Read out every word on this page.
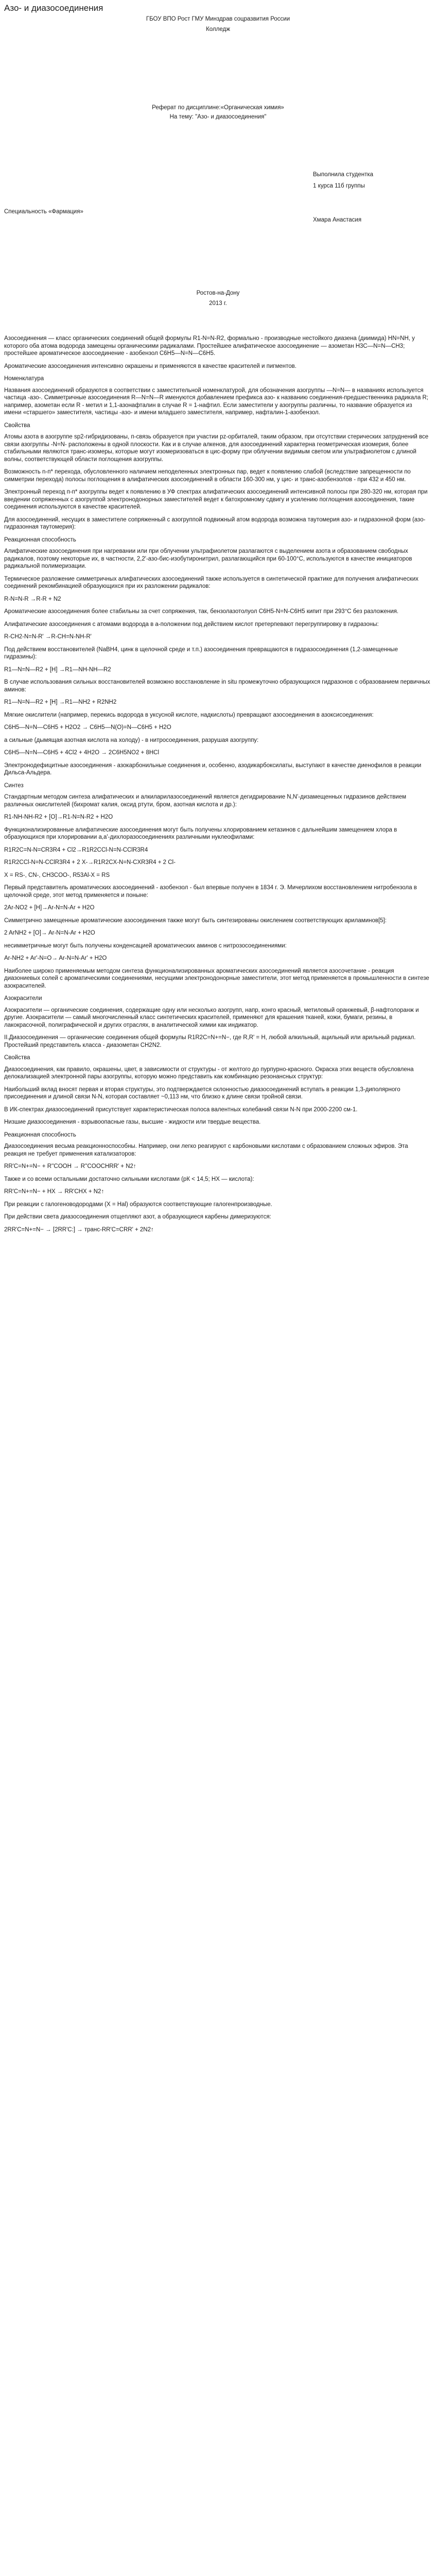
Азо- и диазосоединения
ГБОУ ВПО Рост ГМУ Минздрав соцразвития России
Колледж
Реферат по дисциплине:«Органическая химия»
На тему: "Азо- и диазосоединения"
Выполнила студентка
1 курса 11б группы
Специальность «Фармация»
Хмара Анастасия
Ростов-на-Дону
2013 г.

Азосоединения — класс органических соединений общей формулы R1-N=N-R2, формально - производные нестойкого диазена (диимида) HN=NH, у которого оба атома водорода замещены органическими радикалами. Простейшее алифатическое азосоединение — азометан H3C—N=N—CH3; простейшее ароматическое азосоединение - азобензол C6H5—N=N—C6H5.

Ароматические азосоединения интенсивно окрашены и применяются в качестве красителей и пигментов.

Номенклатура

Названия азосоединений образуются в соответствии с заместительной номенклатурой, для обозначения азогруппы —N=N— в названиях используется частица -азо-. Симметричные азосоединения R—N=N—R именуются добавлением префикса азо- к названию соединения-предшественника радикала R; например, азометан если R - метил и 1,1-азонафталин в случае R = 1-нафтил. Если заместители у азогруппы различны, то название образуется из имени «старшего» заместителя, частицы -азо- и имени младшего заместителя, например, нафталин-1-азобензол.

Свойства

Атомы азота в азогруппе sp2-гибридизованы, п-связь образуется при участии pz-орбиталей, таким образом, при отсутствии стерических затруднений все связи азогруппы -N=N- расположены в одной плоскости. Как и в случае алкенов, для азосоединений характерна геометрическая изомерия, более стабильными являются транс-изомеры, которые могут изомеризоваться в цис-форму при облучении видимым светом или ультрафиолетом с длиной волны, соответствующей области поглощения азогруппы.

Возможность n-п* перехода, обусловленного наличием неподеленных электронных пар, ведет к появлению слабой (вследствие запрещенности по симметрии перехода) полосы поглощения в алифатических азосоединений в области 160-300 нм, у цис- и транс-азобензолов - при 432 и 450 нм.

Электронный переход п-п* азогруппы ведет к появлению в УФ спектрах алифатических азосоединений интенсивной полосы при 280-320 нм, которая при введении сопряженных с азогруппой электронодонорных заместителей ведет к батохромному сдвигу и усилению поглощения азосоединения, такие соединения используются в качестве красителей.

Для азосоединений, несущих в заместителе сопряженный с азогруппой подвижный атом водорода возможна таутомерия азо- и гидразонной форм (азо-гидразонная таутомерия):

Реакционная способность

Алифатические азосоединения при нагревании или при облучении ультрафиолетом разлагаются с выделением азота и образованием свободных радикалов, поэтому некоторые их, в частности, 2,2'-азо-бис-изобутиронитрил, разлагающийся при 60-100°C, используются в качестве инициаторов радикальной полимеризации.

Термическое разложение симметричных алифатических азосоединений также используется в синтетической практике для получения алифатических соединений рекомбинацией образующихся при их разложении радикалов:

R-N=N-R →R-R + N2

Ароматические азосоединения более стабильны за счет сопряжения, так, бензолазотолуол C6H5-N=N-C6H5 кипит при 293°C без разложения.

Алифатические азосоединения с атомами водорода в а-положении под действием кислот претерпевают перегруппировку в гидразоны:

R-CH2-N=N-R' →R-CH=N-NH-R'

Под действием восстановителей (NaBH4, цинк в щелочной среде и т.п.) азосоединения превращаются в гидразосоединения (1,2-замещенные гидразины):

R1—N=N—R2 + [H] →R1—NH-NH—R2

В случае использования сильных восстановителей возможно восстановление in situ промежуточно образующихся гидразонов с образованием первичных аминов:

R1—N=N—R2 + [H] →R1—NH2 + R2NH2

Мягкие окислители (например, перекись водорода в уксусной кислоте, надкислоты) превращают азосоединения в азоксисоединения:

C6H5—N=N—C6H5 + H2O2 → C6H5—N(O)=N—C6H5 + H2O

а сильные (дымящая азотная кислота на холоду) - в нитросоединения, разрушая азогруппу:

C6H5—N=N—C6H5 + 4Cl2 + 4H2O → 2C6H5NO2 + 8HCl

Электронодефицитные азосоединения - азокарбонильные соединения и, особенно, азодикарбоксилаты, выступают в качестве диенофилов в реакции Дильса-Альдера.

Синтез

Стандартным методом синтеза алифатических и алкиларилазосоединений является дегидрирование N,N'-дизамещенных гидразинов действием различных окислителей (бихромат калия, оксид ртути, бром, азотная кислота и др.):

R1-NH-NH-R2 + [O]→R1-N=N-R2 + H2O

Функционализированные алифатические азосоединения могут быть получены хлорированием кетазинов с дальнейшим замещением хлора в образующихся при хлорировании а,а'-дихлоразосоединениях различными нуклеофилами:

R1R2C=N-N=CR3R4 + Cl2→R1R2CCl-N=N-CClR3R4

R1R2CCl-N=N-CClR3R4 + 2 X-→R1R2CX-N=N-CXR3R4 + 2 Cl-

X = RS-, CN-, CH3COO-, R53Al-X = RS

Первый представитель ароматических азосоединений - азобензол - был впервые получен в 1834 г. Э. Мичерлихом восстановлением нитробензола в щелочной среде, этот метод применяется и поныне:

2Ar-NO2 + [H]→Ar-N=N-Ar + H2O

Симметрично замещенные ароматические азосоединения также могут быть синтезированы окислением соответствующих ариламинов[5]:

2 ArNH2 + [O]→ Ar-N=N-Ar + H2O

несимметричные могут быть получены конденсацией ароматических аминов с нитрозосоединениями:

Ar-NH2 + Ar'-N=O→ Ar-N=N-Ar' + H2O

Наиболее широко применяемым методом синтеза функционализированных ароматических азосоединений является азосочетание - реакция диазониевых солей с ароматическими соединениями, несущими электронодонорные заместители, этот метод применяется в промышленности в синтезе азокрасителей.

Азокрасители

Азокрасители — органические соединения, содержащие одну или несколько азогрупп, напр, конго красный, метиловый оранжевый, β-нафтолоранж и другие. Азокрасители — самый многочисленный класс синтетических красителей, применяют для крашения тканей, кожи, бумаги, резины, в лакокрасочной, полиграфической и других отраслях, в аналитической химии как индикатор.

II.Диазосоединения — органические соединения общей формулы R1R2C=N+=N−, где R,R' = H, любой алкильный, ацильный или арильный радикал. Простейший представитель класса - диазометан CH2N2.

Свойства

Диазосоединения, как правило, окрашены, цвет, в зависимости от структуры - от желтого до пурпурно-красного. Окраска этих веществ обусловлена делокализацией электронной пары азогруппы, которую можно представить как комбинацию резонансных структур:

Наибольший вклад вносят первая и вторая структуры, это подтверждается склонностью диазосоединений вступать в реакции 1,3-диполярного присоединения и длиной связи N-N, которая составляет ~0,113 нм, что близко к длине связи тройной связи.

В ИК-спектрах диазосоединений присутствует характеристическая полоса валентных колебаний связи N-N при 2000-2200 см-1.

Низшие диазосоединения - взрывоопасные газы, высшие - жидкости или твердые вещества.

Реакционная способность

Диазосоединения весьма реакционноспособны. Например, они легко реагируют с карбоновыми кислотами с образованием сложных эфиров. Эта реакция не требует применения катализаторов:

RR'C=N+=N− + R''COOH → R''COOCHRR' + N2↑

Также и со всеми остальными достаточно сильными кислотами (рК < 14,5; НХ — кислота):

RR'C=N+=N− + HX → RR'CHX + N2↑

При реакции с галогеноводородами (X = Hal) образуются соответствующие галогенпроизводные.

При действии света диазосоединения отщепляют азот, а образующиеся карбены димеризуются:

2RR'C=N+=N− → [2RR'C:] → транс-RR'C=CRR' + 2N2↑
